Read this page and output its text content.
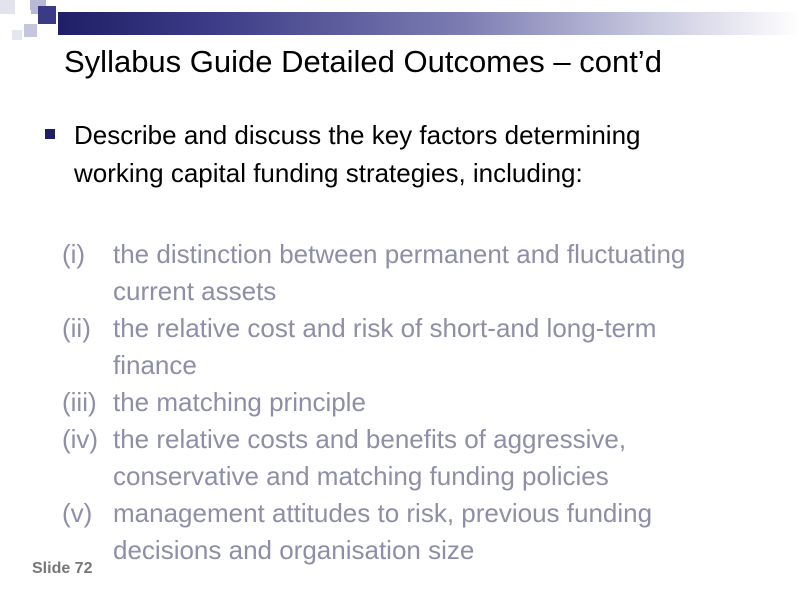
Syllabus Guide Detailed Outcomes – cont’d

Describe and discuss the key factors determining working capital funding strategies, including:

(i)	the distinction between permanent and fluctuating current assets
(ii) the relative cost and risk of short-and long-term finance
(iii) the matching principle
(iv) the relative costs and benefits of aggressive, conservative and matching funding policies
(v) management attitudes to risk, previous funding decisions and organisation size
Slide 72
